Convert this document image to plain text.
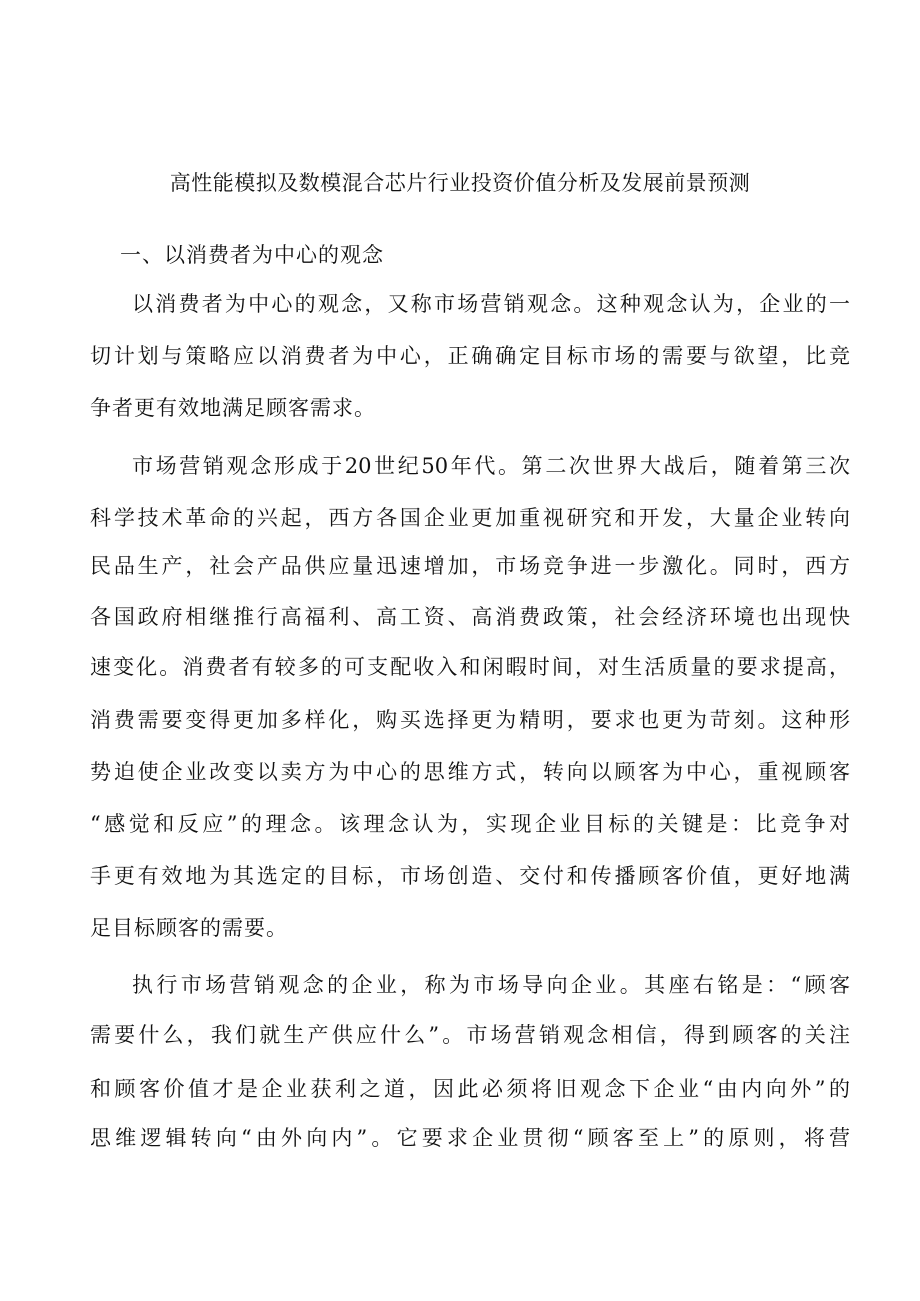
高性能模拟及数模混合芯片行业投资价值分析及发展前景预测
一、以消费者为中心的观念
以消费者为中心的观念，又称市场营销观念。这种观念认为，企业的一
切计划与策略应以消费者为中心，正确确定目标市场的需要与欲望，比竞
争者更有效地满足顾客需求。
市场营销观念形成于20世纪50年代。第二次世界大战后，随着第三次
科学技术革命的兴起，西方各国企业更加重视研究和开发，大量企业转向
民品生产，社会产品供应量迅速增加，市场竞争进一步激化。同时，西方
各国政府相继推行高福利、高工资、高消费政策，社会经济环境也出现快
速变化。消费者有较多的可支配收入和闲暇时间，对生活质量的要求提高，
消费需要变得更加多样化，购买选择更为精明，要求也更为苛刻。这种形
势迫使企业改变以卖方为中心的思维方式，转向以顾客为中心，重视顾客
“感觉和反应”的理念。该理念认为，实现企业目标的关键是：比竞争对
手更有效地为其选定的目标，市场创造、交付和传播顾客价值，更好地满
足目标顾客的需要。
执行市场营销观念的企业，称为市场导向企业。其座右铭是：“顾客
需要什么，我们就生产供应什么”。市场营销观念相信，得到顾客的关注
和顾客价值才是企业获利之道，因此必须将旧观念下企业“由内向外”的
思维逻辑转向“由外向内”。它要求企业贯彻“顾客至上”的原则，将营
